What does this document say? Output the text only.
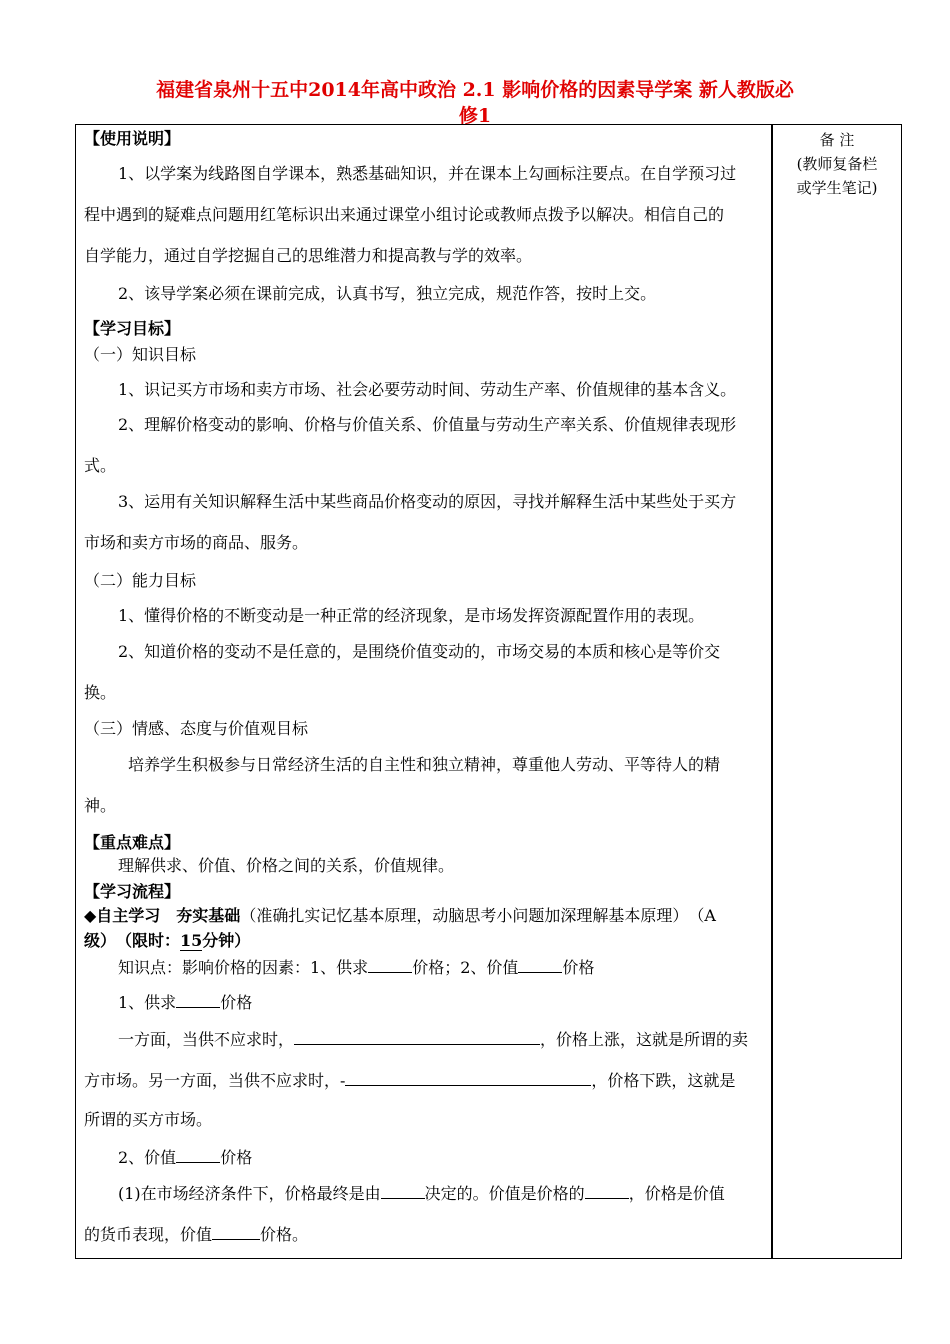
福建省泉州十五中2014年高中政治 2.1 影响价格的因素导学案 新人教版必
修1
备 注
(教师复备栏
或学生笔记)
【使用说明】
1、以学案为线路图自学课本，熟悉基础知识，并在课本上勾画标注要点。在自学预习过
程中遇到的疑难点问题用红笔标识出来通过课堂小组讨论或教师点拨予以解决。相信自己的
自学能力，通过自学挖掘自己的思维潜力和提高教与学的效率。
2、该导学案必须在课前完成，认真书写，独立完成，规范作答，按时上交。
【学习目标】
（一）知识目标
1、识记买方市场和卖方市场、社会必要劳动时间、劳动生产率、价值规律的基本含义。
2、理解价格变动的影响、价格与价值关系、价值量与劳动生产率关系、价值规律表现形
式。
3、运用有关知识解释生活中某些商品价格变动的原因，寻找并解释生活中某些处于买方
市场和卖方市场的商品、服务。
（二）能力目标
1、懂得价格的不断变动是一种正常的经济现象，是市场发挥资源配置作用的表现。
2、知道价格的变动不是任意的，是围绕价值变动的，市场交易的本质和核心是等价交
换。
（三）情感、态度与价值观目标
培养学生积极参与日常经济生活的自主性和独立精神，尊重他人劳动、平等待人的精
神。
【重点难点】
理解供求、价值、价格之间的关系，价值规律。
【学习流程】
◆自主学习　夯实基础（准确扎实记忆基本原理，动脑思考小问题加深理解基本原理）　（A
级）　（限时：15分钟）
知识点：影响价格的因素：1、供求	价格；2、价值	价格
1、供求	价格
一方面，当供不应求时，	，价格上涨，这就是所谓的卖
方市场。另一方面，当供不应求时，-	，价格下跌，这就是
所谓的买方市场。
2、价值	价格
(1)在市场经济条件下，价格最终是由	决定的。价值是价格的	，价格是价值
的货币表现，价值	价格。
